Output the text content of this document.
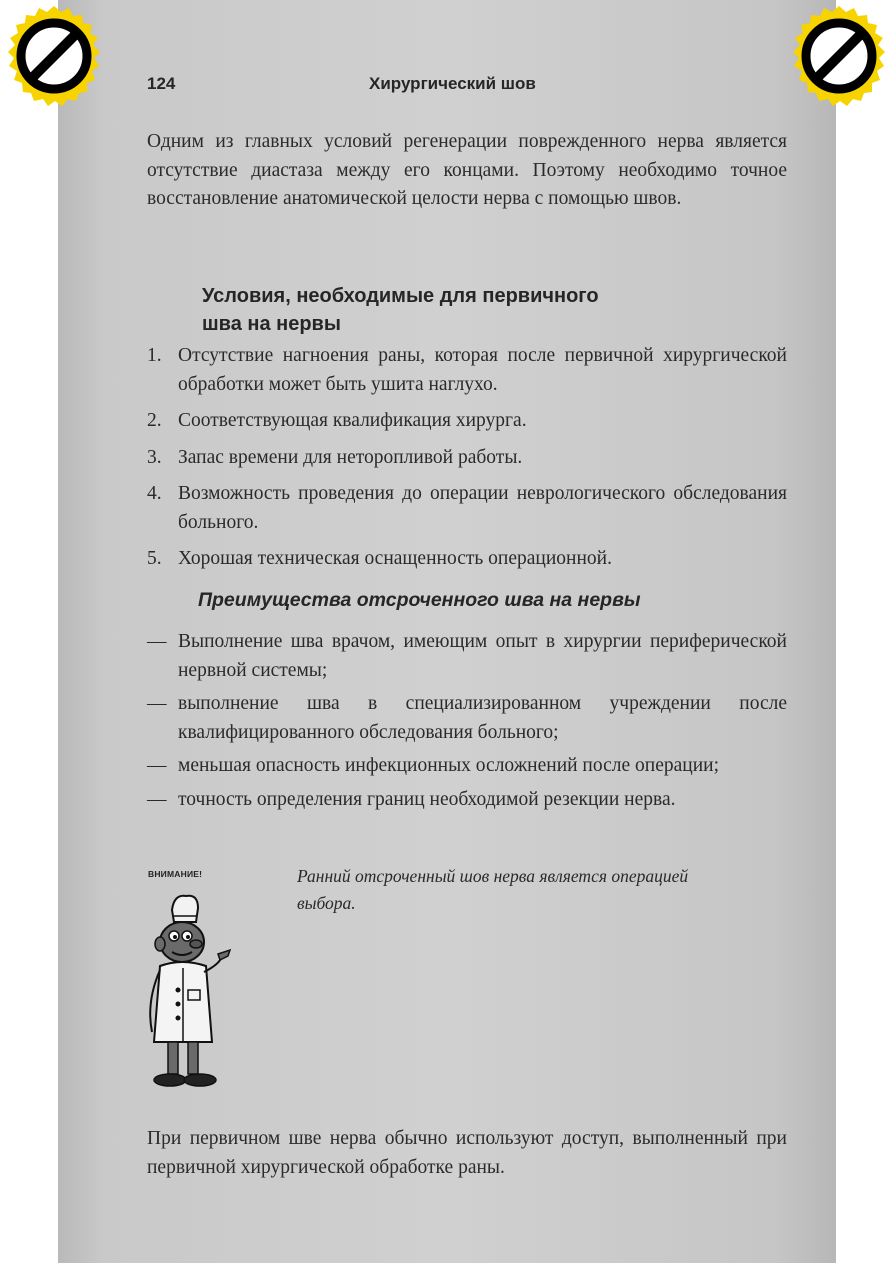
124	Хирургический шов

Одним из главных условий регенерации поврежденного нерва является отсутствие диастаза между его концами. Поэтому необходимо точное восстановление анатомической целости нерва с помощью швов.

Условия, необходимые для первичного
шва на нервы
1. Отсутствие нагноения раны, которая после первичной хирургической обработки может быть ушита наглухо.
2. Соответствующая квалификация хирурга.
3. Запас времени для неторопливой работы.
4. Возможность проведения до операции неврологического обследования больного.
5. Хорошая техническая оснащенность операционной.
Преимущества отсроченного шва на нервы
— Выполнение шва врачом, имеющим опыт в хирургии периферической нервной системы;
— выполнение шва в специализированном учреждении после квалифицированного обследования больного;
— меньшая опасность инфекционных осложнений после операции;
— точность определения границ необходимой резекции нерва.
ВНИМАНИЕ!	Ранний отсроченный шов нерва является операцией выбора.

При первичном шве нерва обычно используют доступ, выполненный при первичной хирургической обработке раны.
